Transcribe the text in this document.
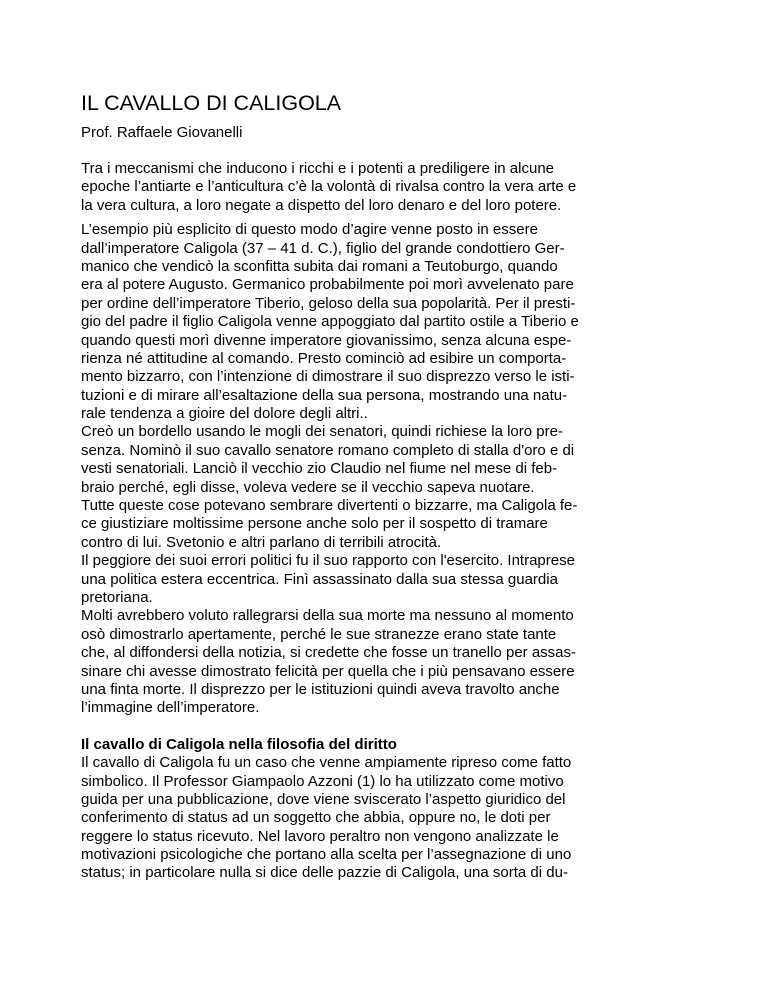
IL CAVALLO DI CALIGOLA
Prof. Raffaele Giovanelli
Tra i meccanismi che inducono i ricchi e i potenti a prediligere in alcune
epoche l’antiarte e l’anticultura c’è la volontà di rivalsa contro la vera arte e
la vera cultura, a loro negate a dispetto del loro denaro e del loro potere.
L’esempio più esplicito di questo modo d’agire venne posto in essere
dall’imperatore Caligola (37 – 41 d. C.), figlio del grande condottiero Ger-
manico che vendicò la sconfitta subita dai romani a Teutoburgo, quando
era al potere Augusto. Germanico probabilmente poi morì avvelenato pare
per ordine dell’imperatore Tiberio, geloso della sua popolarità. Per il presti-
gio del padre il figlio Caligola venne appoggiato dal partito ostile a Tiberio e
quando questi morì divenne imperatore giovanissimo, senza alcuna espe-
rienza né attitudine al comando. Presto cominciò ad esibire un comporta-
mento bizzarro, con l’intenzione di dimostrare il suo disprezzo verso le isti-
tuzioni e di mirare all’esaltazione della sua persona, mostrando una natu-
rale tendenza a gioire del dolore degli altri..
Creò un bordello usando le mogli dei senatori, quindi richiese la loro pre-
senza. Nominò il suo cavallo senatore romano completo di stalla d'oro e di
vesti senatoriali. Lanciò il vecchio zio Claudio nel fiume nel mese di feb-
braio perché, egli disse, voleva vedere se il vecchio sapeva nuotare.
Tutte queste cose potevano sembrare divertenti o bizzarre, ma Caligola fe-
ce giustiziare moltissime persone anche solo per il sospetto di tramare
contro di lui. Svetonio e altri parlano di terribili atrocità.
Il peggiore dei suoi errori politici fu il suo rapporto con l'esercito. Intraprese
una politica estera eccentrica. Finì assassinato dalla sua stessa guardia
pretoriana.
Molti avrebbero voluto rallegrarsi della sua morte ma nessuno al momento
osò dimostrarlo apertamente, perché le sue stranezze erano state tante
che, al diffondersi della notizia, si credette che fosse un tranello per assas-
sinare chi avesse dimostrato felicità per quella che i più pensavano essere
una finta morte. Il disprezzo per le istituzioni quindi aveva travolto anche
l’immagine dell’imperatore.
Il cavallo di Caligola nella filosofia del diritto
Il cavallo di Caligola fu un caso che venne ampiamente ripreso come fatto
simbolico. Il Professor Giampaolo Azzoni (1) lo ha utilizzato come motivo
guida per una pubblicazione, dove viene sviscerato l’aspetto giuridico del
conferimento di status ad un soggetto che abbia, oppure no, le doti per
reggere lo status ricevuto. Nel lavoro peraltro non vengono analizzate le
motivazioni psicologiche che portano alla scelta per l’assegnazione di uno
status; in particolare nulla si dice delle pazzie di Caligola, una sorta di du-
